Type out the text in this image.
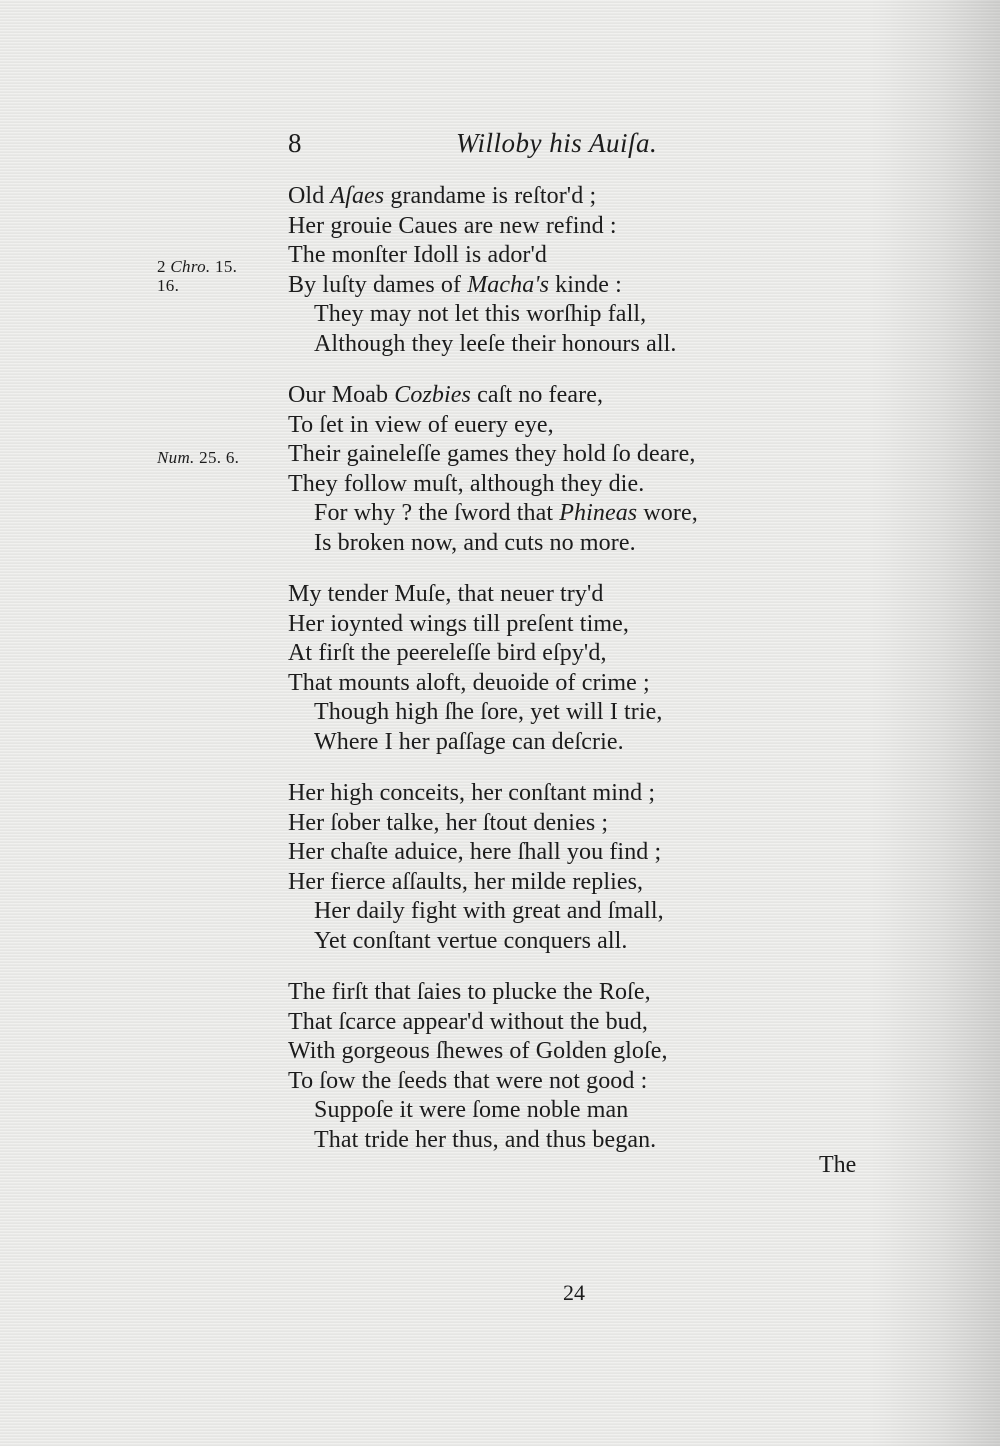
8	Willoby his Auiſa.
2 Chro. 15.
16.
Num. 25. 6.
Old Aſaes grandame is reſtor'd ;
Her grouie Caues are new refind :
The monſter Idoll is ador'd
By luſty dames of Macha's kinde :
They may not let this worſhip fall,
Although they leeſe their honours all.
Our Moab Cozbies caſt no feare,
To ſet in view of euery eye,
Their gaineleſſe games they hold ſo deare,
They follow muſt, although they die.
For why ? the ſword that Phineas wore,
Is broken now, and cuts no more.
My tender Muſe, that neuer try'd
Her ioynted wings till preſent time,
At firſt the peereleſſe bird eſpy'd,
That mounts aloft, deuoide of crime ;
Though high ſhe ſore, yet will I trie,
Where I her paſſage can deſcrie.
Her high conceits, her conſtant mind ;
Her ſober talke, her ſtout denies ;
Her chaſte aduice, here ſhall you find ;
Her fierce aſſaults, her milde replies,
Her daily fight with great and ſmall,
Yet conſtant vertue conquers all.
The firſt that ſaies to plucke the Roſe,
That ſcarce appear'd without the bud,
With gorgeous ſhewes of Golden gloſe,
To ſow the ſeeds that were not good :
Suppoſe it were ſome noble man
That tride her thus, and thus began.
The
24
